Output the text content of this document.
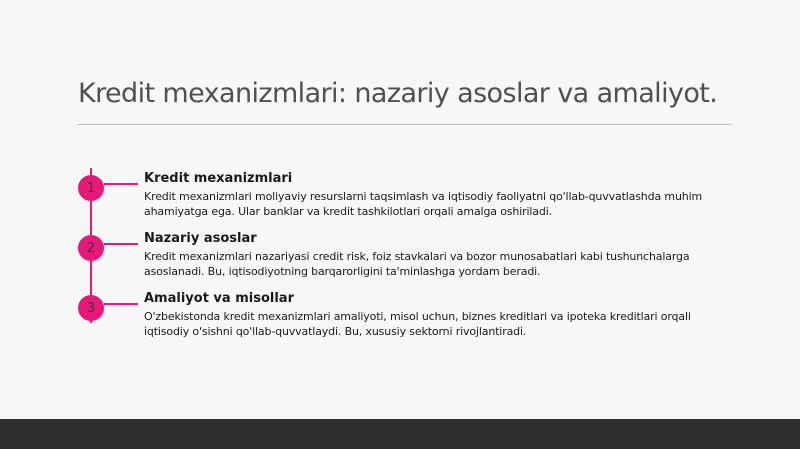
Kredit mexanizmlari: nazariy asoslar va amaliyot.
1
Kredit mexanizmlari
Kredit mexanizmlari moliyaviy resurslarni taqsimlash va iqtisodiy faoliyatni qo'llab-quvvatlashda muhim ahamiyatga ega. Ular banklar va kredit tashkilotlari orqali amalga oshiriladi.
2
Nazariy asoslar
Kredit mexanizmlari nazariyasi credit risk, foiz stavkalari va bozor munosabatlari kabi tushunchalarga asoslanadi. Bu, iqtisodiyotning barqarorligini ta'minlashga yordam beradi.
3
Amaliyot va misollar
O'zbekistonda kredit mexanizmlari amaliyoti, misol uchun, biznes kreditlari va ipoteka kreditlari orqali iqtisodiy o'sishni qo'llab-quvvatlaydi. Bu, xususiy sektorni rivojlantiradi.
